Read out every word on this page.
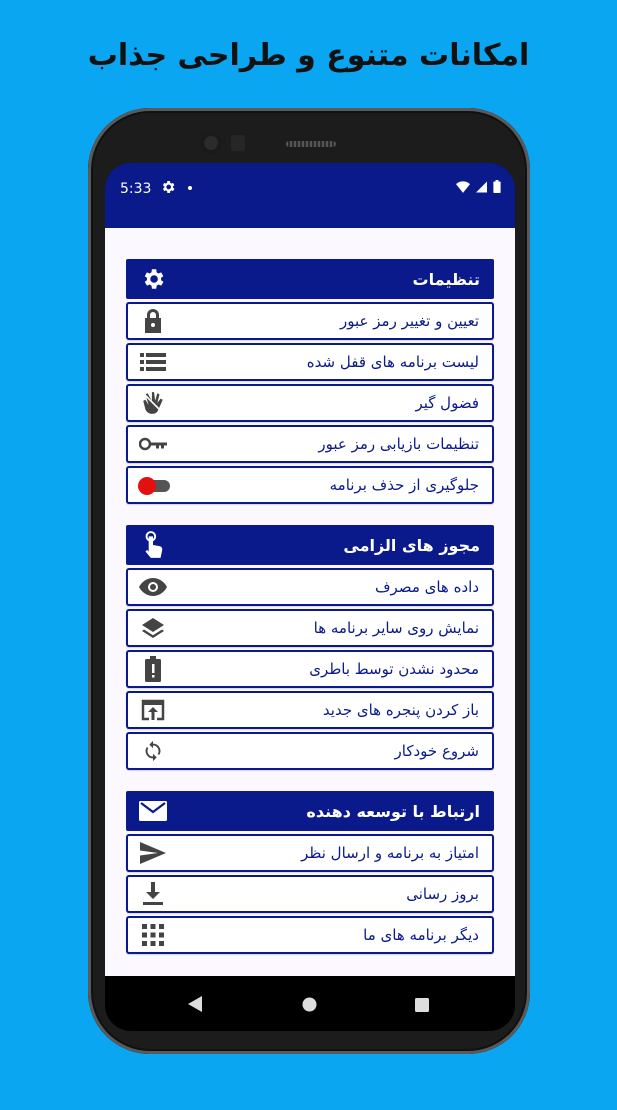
امکانات متنوع و طراحی جذاب
5:33
تنظیمات
تعیین و تغییر رمز عبور
لیست برنامه های قفل شده
فضول گیر
تنظیمات بازیابی رمز عبور
جلوگیری از حذف برنامه
مجوز های الزامی
داده های مصرف
نمایش روی سایر برنامه ها
محدود نشدن توسط باطری
باز کردن پنجره های جدید
شروع خودکار
ارتباط با توسعه دهنده
امتیاز به برنامه و ارسال نظر
بروز رسانی
دیگر برنامه های ما
